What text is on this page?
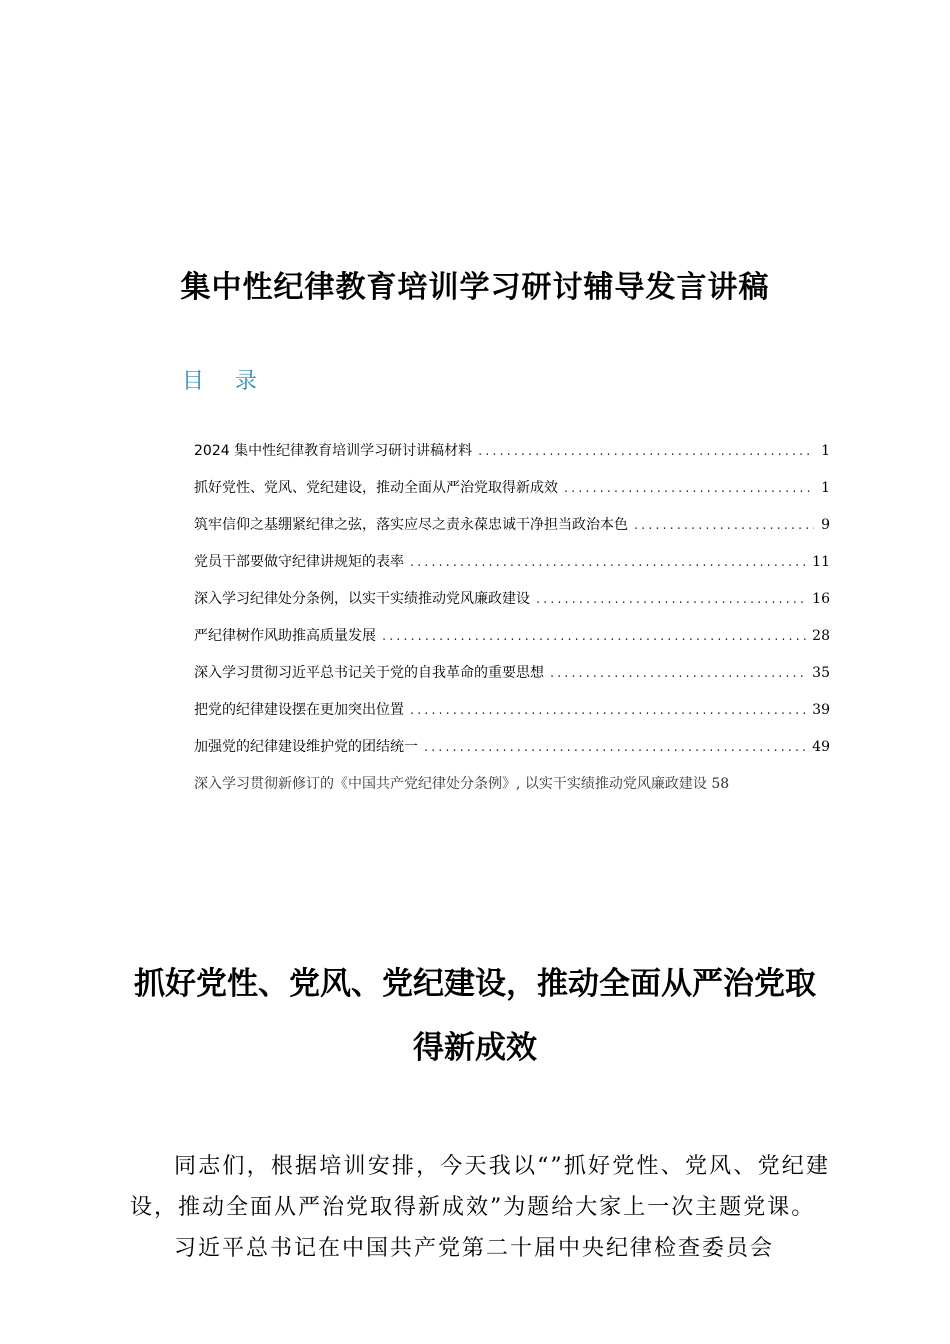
集中性纪律教育培训学习研讨辅导发言讲稿
目 录
2024 集中性纪律教育培训学习研讨讲稿材料 .....	1
抓好党性、党风、党纪建设，推动全面从严治党取得新成效 .....	1
筑牢信仰之基绷紧纪律之弦，落实应尽之责永葆忠诚干净担当政治本色 .....	9
党员干部要做守纪律讲规矩的表率 .....	11
深入学习纪律处分条例，以实干实绩推动党风廉政建设 .....	16
严纪律树作风助推高质量发展 .....	28
深入学习贯彻习近平总书记关于党的自我革命的重要思想 .....	35
把党的纪律建设摆在更加突出位置 .....	39
加强党的纪律建设维护党的团结统一 .....	49
深入学习贯彻新修订的《中国共产党纪律处分条例》, 以实干实绩推动党风廉政建设 58
抓好党性、党风、党纪建设，推动全面从严治党取
得新成效

同志们，根据培训安排，今天我以“”抓好党性、党风、党纪建设，推动全面从严治党取得新成效”为题给大家上一次主题党课。

习近平总书记在中国共产党第二十届中央纪律检查委员会
